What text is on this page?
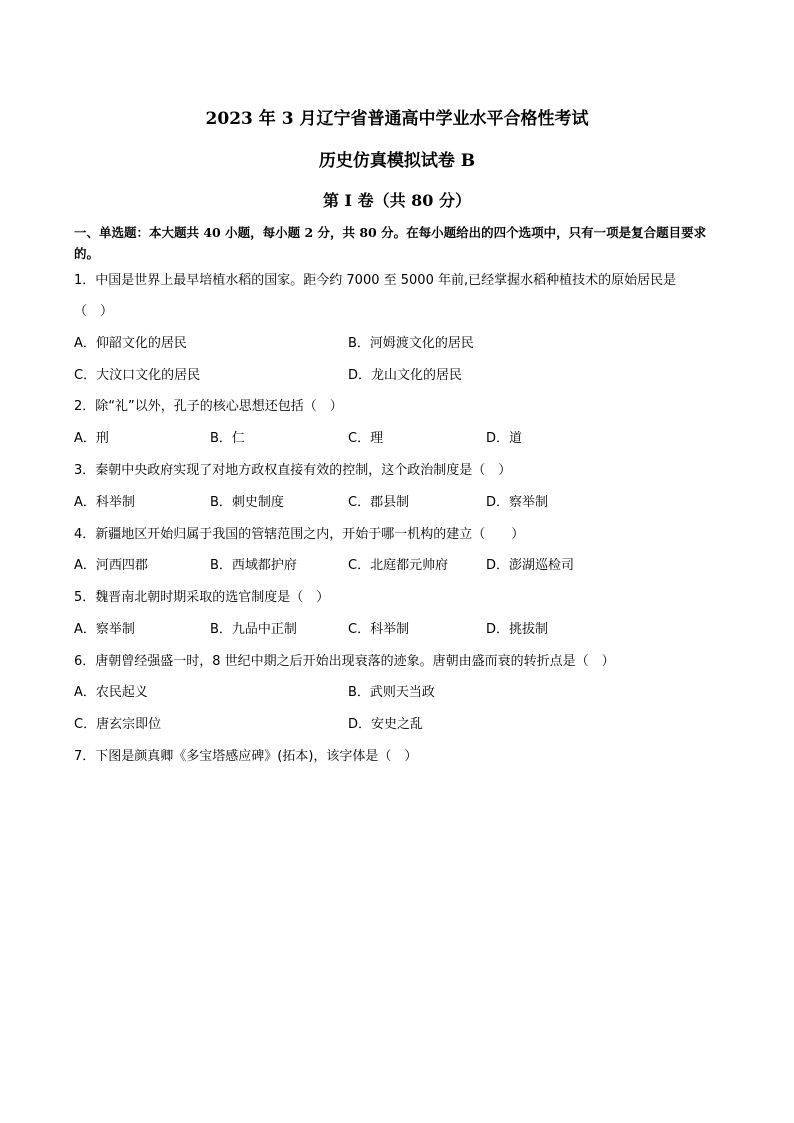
2023 年 3 月辽宁省普通高中学业水平合格性考试
历史仿真模拟试卷 B
第 I 卷（共 80 分）
一、单选题：本大题共 40 小题，每小题 2 分，共 80 分。在每小题给出的四个选项中，只有一项是复合题目要求的。
1．中国是世界上最早培植水稻的国家。距今约 7000 至 5000 年前,已经掌握水稻种植技术的原始居民是
（　）
A．仰韶文化的居民	B．河姆渡文化的居民
C．大汶口文化的居民	D．龙山文化的居民
2．除“礼”以外，孔子的核心思想还包括（　）
A．刑	B．仁	C．理	D．道
3．秦朝中央政府实现了对地方政权直接有效的控制，这个政治制度是（　）
A．科举制	B．刺史制度	C．郡县制	D．察举制
4．新疆地区开始归属于我国的管辖范围之内，开始于哪一机构的建立（　　）
A．河西四郡	B．西域都护府	C．北庭都元帅府	D．澎湖巡检司
5．魏晋南北朝时期采取的选官制度是（　）
A．察举制	B．九品中正制	C．科举制	D．挑拔制
6．唐朝曾经强盛一时，8 世纪中期之后开始出现衰落的迹象。唐朝由盛而衰的转折点是（　）
A．农民起义	B．武则天当政
C．唐玄宗即位	D．安史之乱
7．下图是颜真卿《多宝塔感应碑》(拓本)，该字体是（　）
